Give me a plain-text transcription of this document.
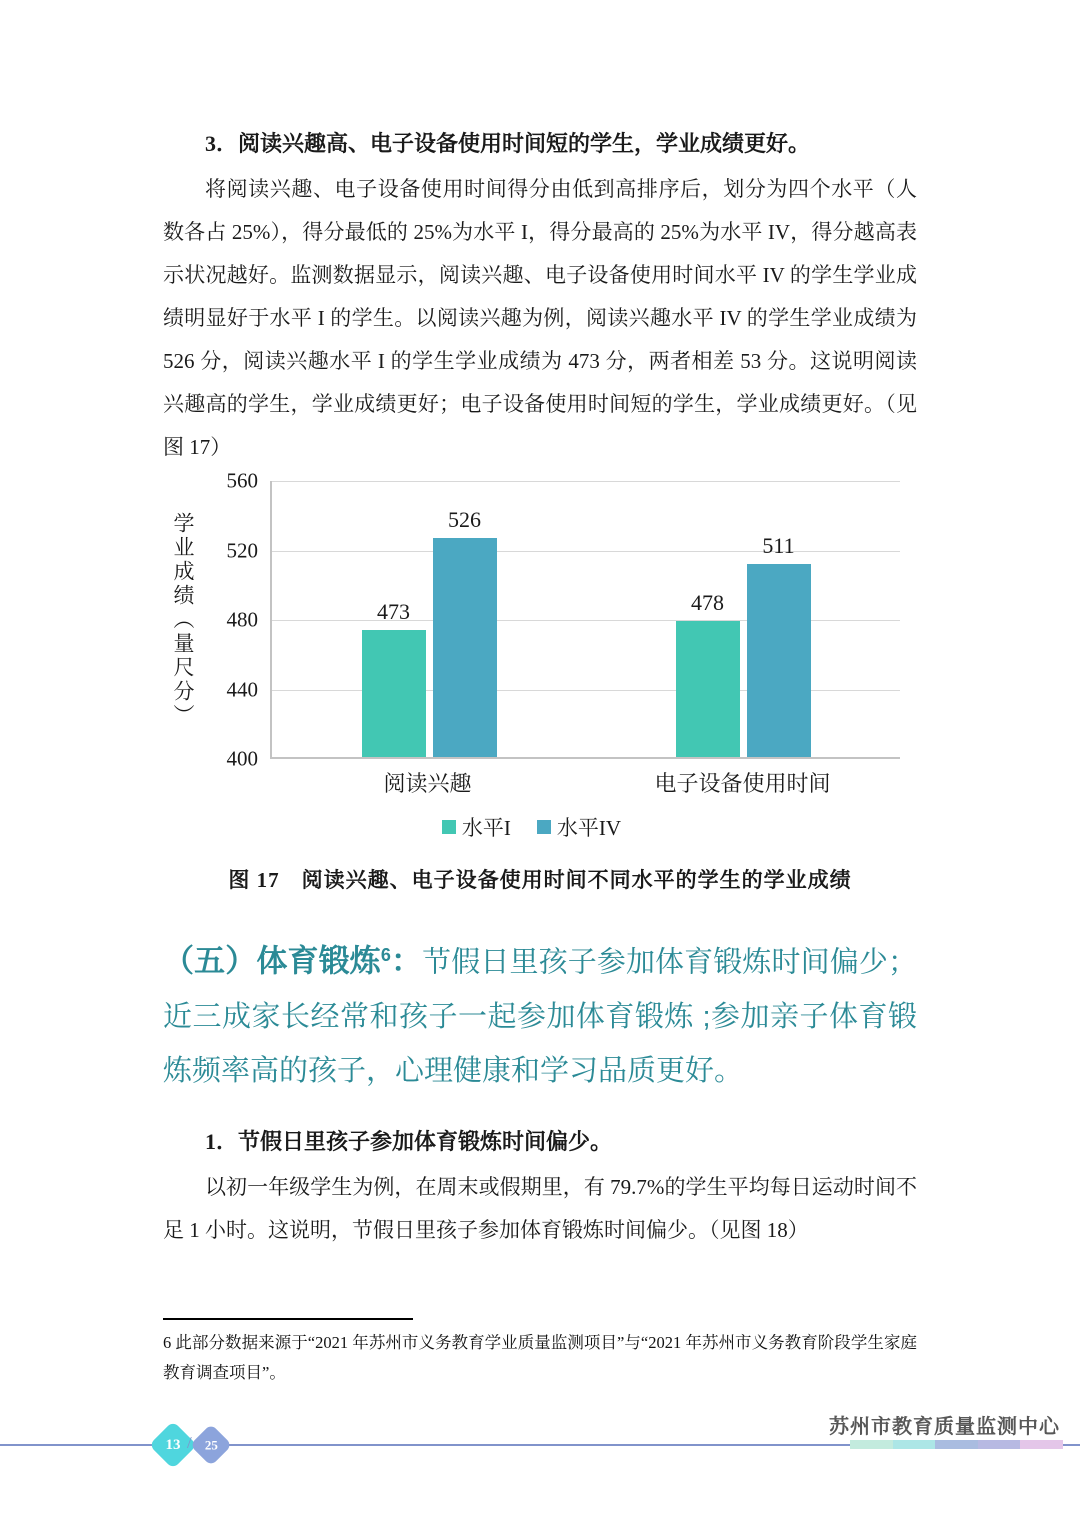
3．阅读兴趣高、电子设备使用时间短的学生，学业成绩更好。
将阅读兴趣、电子设备使用时间得分由低到高排序后，划分为四个水平（人数各占 25%），得分最低的 25%为水平 I，得分最高的 25%为水平 IV，得分越高表示状况越好。监测数据显示，阅读兴趣、电子设备使用时间水平 IV 的学生学业成绩明显好于水平 I 的学生。以阅读兴趣为例，阅读兴趣水平 IV 的学生学业成绩为 526 分，阅读兴趣水平 I 的学生学业成绩为 473 分，两者相差 53 分。这说明阅读兴趣高的学生，学业成绩更好；电子设备使用时间短的学生，学业成绩更好。（见图 17）
学业成绩（量尺分）
400
440
480
520
560
473
526
478
511
阅读兴趣	电子设备使用时间
水平I 水平IV
图 17　阅读兴趣、电子设备使用时间不同水平的学生的学业成绩
（五）体育锻炼$^6$：节假日里孩子参加体育锻炼时间偏少；近三成家长经常和孩子一起参加体育锻炼 ;参加亲子体育锻炼频率高的孩子，心理健康和学习品质更好。
1．节假日里孩子参加体育锻炼时间偏少。
以初一年级学生为例，在周末或假期里，有 79.7%的学生平均每日运动时间不足 1 小时。这说明，节假日里孩子参加体育锻炼时间偏少。（见图 18）
6 此部分数据来源于“2021 年苏州市义务教育学业质量监测项目”与“2021 年苏州市义务教育阶段学生家庭教育调查项目”。
13 / 25
苏州市教育质量监测中心
